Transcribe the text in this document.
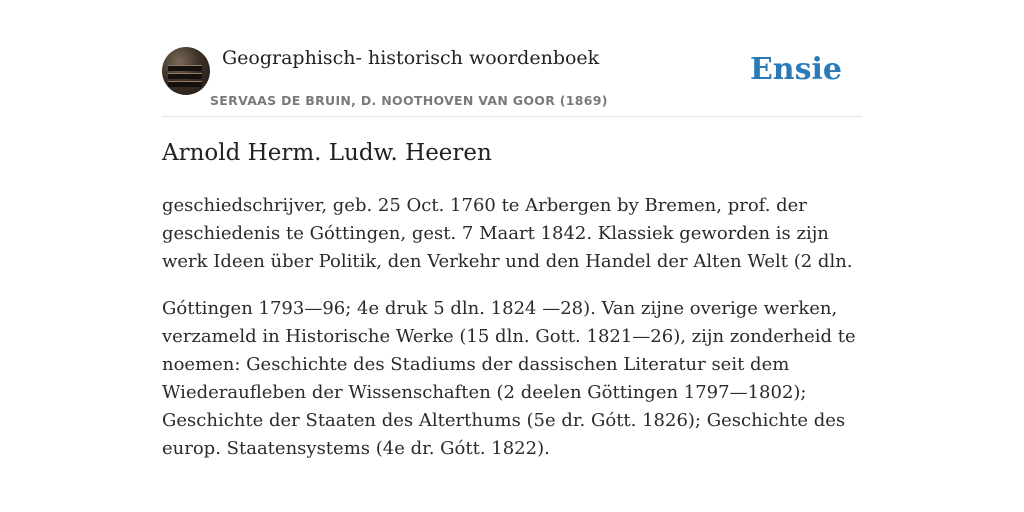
Geographisch- historisch woordenboek
SERVAAS DE BRUIN, D. NOOTHOVEN VAN GOOR (1869)
Ensie
Arnold Herm. Ludw. Heeren

geschiedschrijver, geb. 25 Oct. 1760 te Arbergen by Bremen, prof. der geschiedenis te Góttingen, gest. 7 Maart 1842. Klassiek geworden is zijn werk Ideen über Politik, den Verkehr und den Handel der Alten Welt (2 dln.

Góttingen 1793—96; 4e druk 5 dln. 1824 —28). Van zijne overige werken, verzameld in Historische Werke (15 dln. Gott. 1821—26), zijn zonderheid te noemen: Geschichte des Stadiums der dassischen Literatur seit dem Wiederaufleben der Wissenschaften (2 deelen Göttingen 1797—1802); Geschichte der Staaten des Alterthums (5e dr. Gótt. 1826); Geschichte des europ. Staatensystems (4e dr. Gótt. 1822).
